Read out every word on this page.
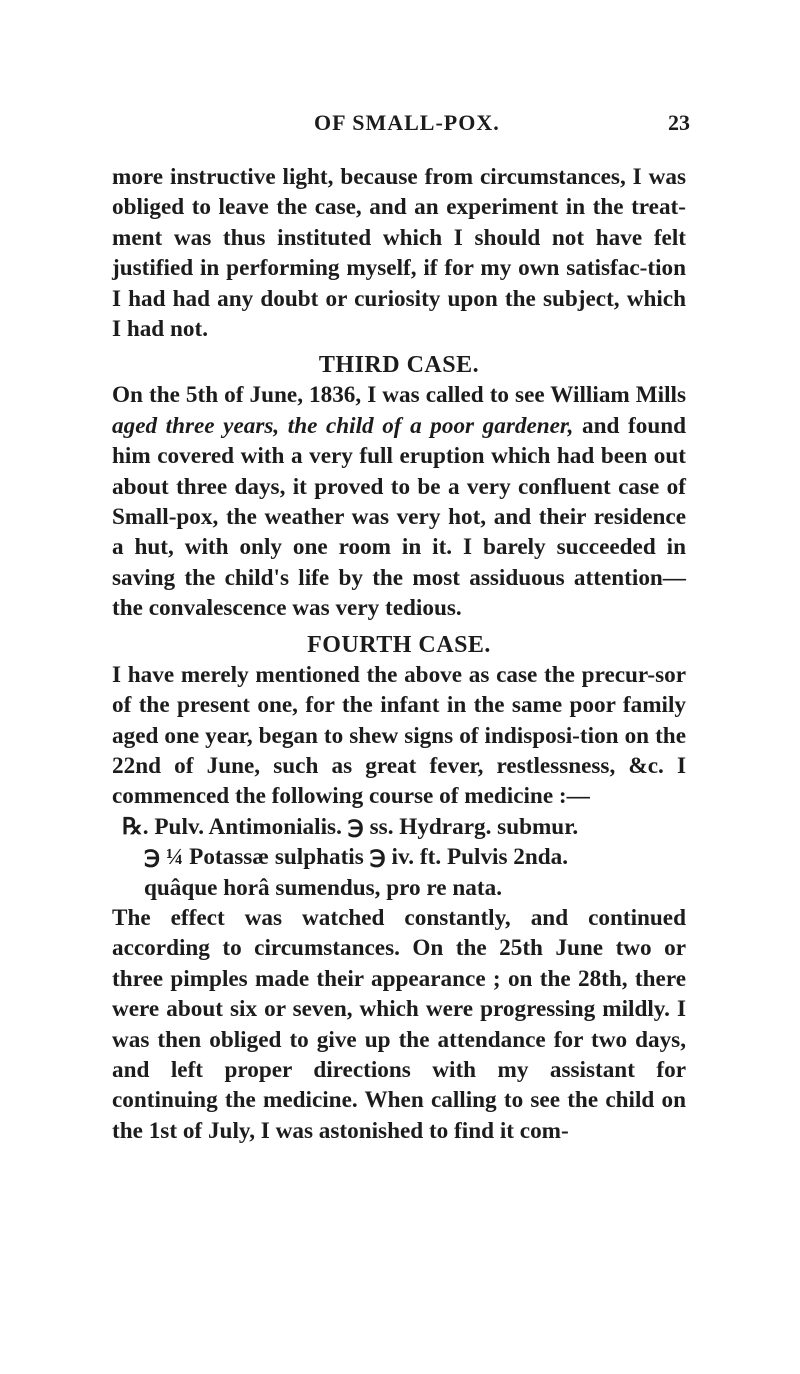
OF SMALL-POX.	23

more instructive light, because from circumstances, I was obliged to leave the case, and an experiment in the treat-ment was thus instituted which I should not have felt justified in performing myself, if for my own satisfac-tion I had had any doubt or curiosity upon the subject, which I had not.

THIRD CASE.

On the 5th of June, 1836, I was called to see William Mills aged three years, the child of a poor gardener, and found him covered with a very full eruption which had been out about three days, it proved to be a very confluent case of Small-pox, the weather was very hot, and their residence a hut, with only one room in it. I barely succeeded in saving the child's life by the most assiduous attention—the convalescence was very tedious.

FOURTH CASE.

I have merely mentioned the above as case the precur-sor of the present one, for the infant in the same poor family aged one year, began to shew signs of indisposi-tion on the 22nd of June, such as great fever, restlessness, &c. I commenced the following course of medicine :—

℞. Pulv. Antimonialis. ℈ ss. Hydrarg. submur.
℈ ¼ Potassæ sulphatis ℈ iv. ft. Pulvis 2nda.
quâque horâ sumendus, pro re nata.

The effect was watched constantly, and continued according to circumstances. On the 25th June two or three pimples made their appearance ; on the 28th, there were about six or seven, which were progressing mildly. I was then obliged to give up the attendance for two days, and left proper directions with my assistant for continuing the medicine. When calling to see the child on the 1st of July, I was astonished to find it com-
